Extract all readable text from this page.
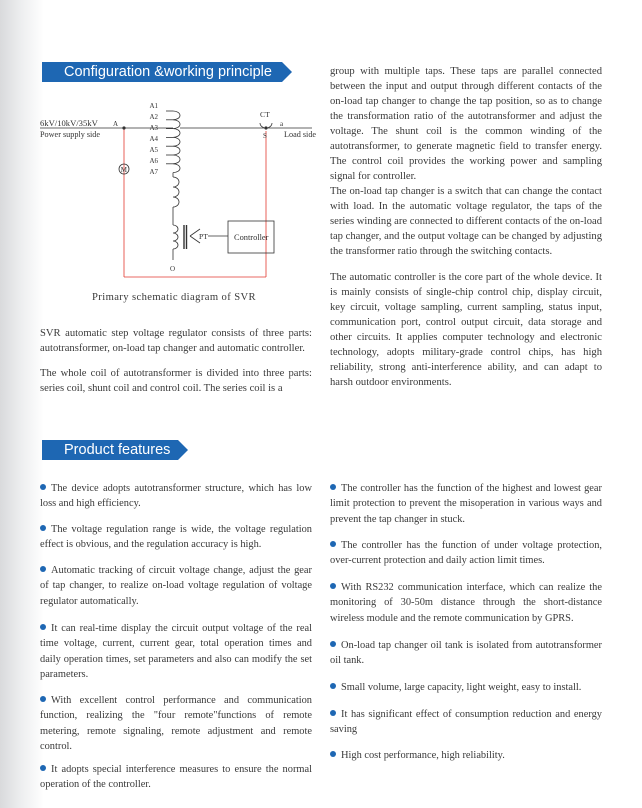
Configuration &working principle
Product features
6kV/10kV/35kV
Power supply side
A
M
A1
A2
A3
A4
A5
A6
A7
CT
S
a
Load side
PT	Controller
O
Primary schematic diagram of SVR

SVR automatic step voltage regulator consists of three parts: autotransformer, on-load tap changer and automatic controller.

The whole coil of autotransformer is divided into three parts: series coil, shunt coil and control coil. The series coil is a

group with multiple taps. These taps are parallel connected between the input and output through different contacts of the on-load tap changer to change the tap position, so as to change the transformation ratio of the autotransformer and adjust the voltage. The shunt coil is the common winding of the autotransformer, to generate magnetic field to transfer energy. The control coil provides the working power and sampling signal for controller.

The on-load tap changer is a switch that can change the contact with load. In the automatic voltage regulator, the taps of the series winding are connected to different contacts of the on-load tap changer, and the output voltage can be changed by adjusting the transformer ratio through the switching contacts.

The automatic controller is the core part of the whole device. It is mainly consists of single-chip control chip, display circuit, key circuit, voltage sampling, current sampling, status input, communication port, control output circuit, data storage and other circuits. It applies computer technology and electronic technology, adopts military-grade control chips, has high reliability, strong anti-interference ability, and can adapt to harsh outdoor environments.

The device adopts autotransformer structure, which has low loss and high efficiency.

The voltage regulation range is wide, the voltage regulation effect is obvious, and the regulation accuracy is high.

Automatic tracking of circuit voltage change, adjust the gear of tap changer, to realize on-load voltage regulation of voltage regulator automatically.

It can real-time display the circuit output voltage of the real time voltage, current, current gear, total operation times and daily operation times, set parameters and also can modify the set parameters.

With excellent control performance and communication function, realizing the "four remote"functions of remote metering, remote signaling, remote adjustment and remote control.

It adopts special interference measures to ensure the normal operation of the controller.

The controller has the function of the highest and lowest gear limit protection to prevent the misoperation in various ways and prevent the tap changer in stuck.

The controller has the function of under voltage protection, over-current protection and daily action limit times.

With RS232 communication interface, which can realize the monitoring of 30-50m distance through the short-distance wireless module and the remote communication by GPRS.

On-load tap changer oil tank is isolated from autotransformer oil tank.

Small volume, large capacity, light weight, easy to install.

It has significant effect of consumption reduction and energy saving

High cost performance, high reliability.
